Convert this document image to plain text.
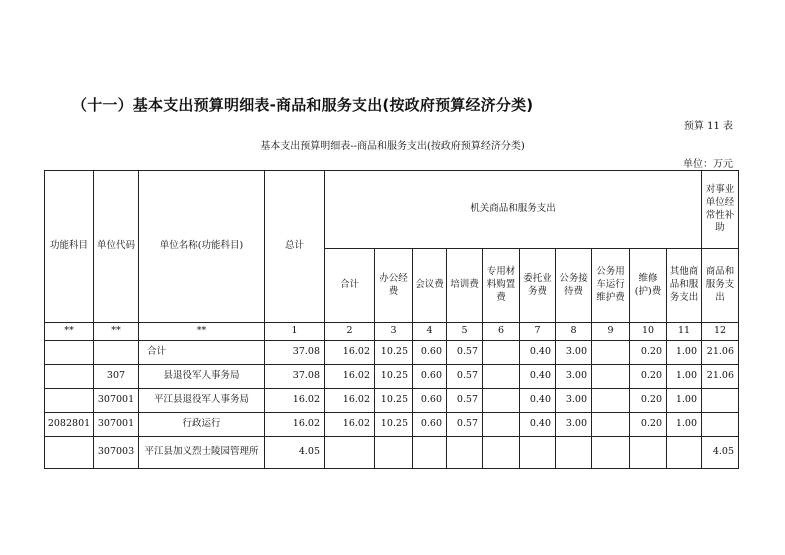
（十一）基本支出预算明细表-商品和服务支出(按政府预算经济分类)
预算 11 表
基本支出预算明细表--商品和服务支出(按政府预算经济分类)
单位：万元
功能科目	单位代码	单位名称(功能科目)	总计	机关商品和服务支出										对事业单位经常性补助
				合计	办公经费	会议费	培训费	专用材料购置费	委托业务费	公务接待费	公务用车运行维护费	维修(护)费	其他商品和服务支出	商品和服务支出
**	**	**	1	2	3	4	5	6	7	8	9	10	11	12
		合计	37.08	16.02	10.25	0.60	0.57		0.40	3.00		0.20	1.00	21.06
	307	县退役军人事务局	37.08	16.02	10.25	0.60	0.57		0.40	3.00		0.20	1.00	21.06
	307001	平江县退役军人事务局	16.02	16.02	10.25	0.60	0.57		0.40	3.00		0.20	1.00	
2082801	307001	行政运行	16.02	16.02	10.25	0.60	0.57		0.40	3.00		0.20	1.00	
	307003	平江县加义烈士陵园管理所	4.05											4.05
